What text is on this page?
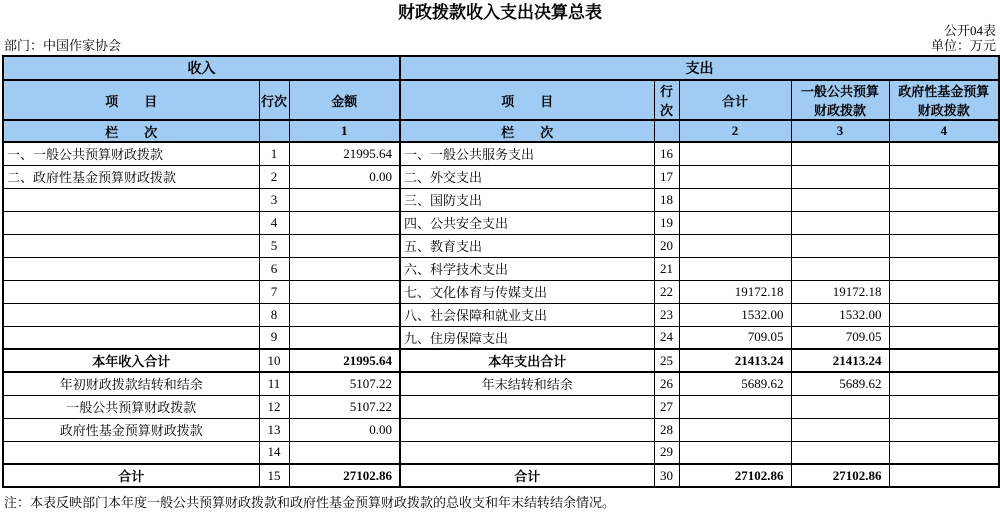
财政拨款收入支出决算总表
公开04表
部门：中国作家协会	单位：万元
收入			支出				
项　　目	行次	金额	项　　目	行次	合计	一般公共预算
财政拨款	政府性基金预算
财政拨款
栏　　次		1	栏　　次		2	3	4
一、一般公共预算财政拨款	1	21995.64	一、一般公共服务支出	16			
二、政府性基金预算财政拨款	2	0.00	二、外交支出	17			
	3		三、国防支出	18			
	4		四、公共安全支出	19			
	5		五、教育支出	20			
	6		六、科学技术支出	21			
	7		七、文化体育与传媒支出	22	19172.18	19172.18	
	8		八、社会保障和就业支出	23	1532.00	1532.00	
	9		九、住房保障支出	24	709.05	709.05	
本年收入合计	10	21995.64	本年支出合计	25	21413.24	21413.24	
年初财政拨款结转和结余	11	5107.22	年末结转和结余	26	5689.62	5689.62	
一般公共预算财政拨款	12	5107.22		27			
政府性基金预算财政拨款	13	0.00		28			
	14			29			
合计	15	27102.86	合计	30	27102.86	27102.86	
注：本表反映部门本年度一般公共预算财政拨款和政府性基金预算财政拨款的总收支和年末结转结余情况。
